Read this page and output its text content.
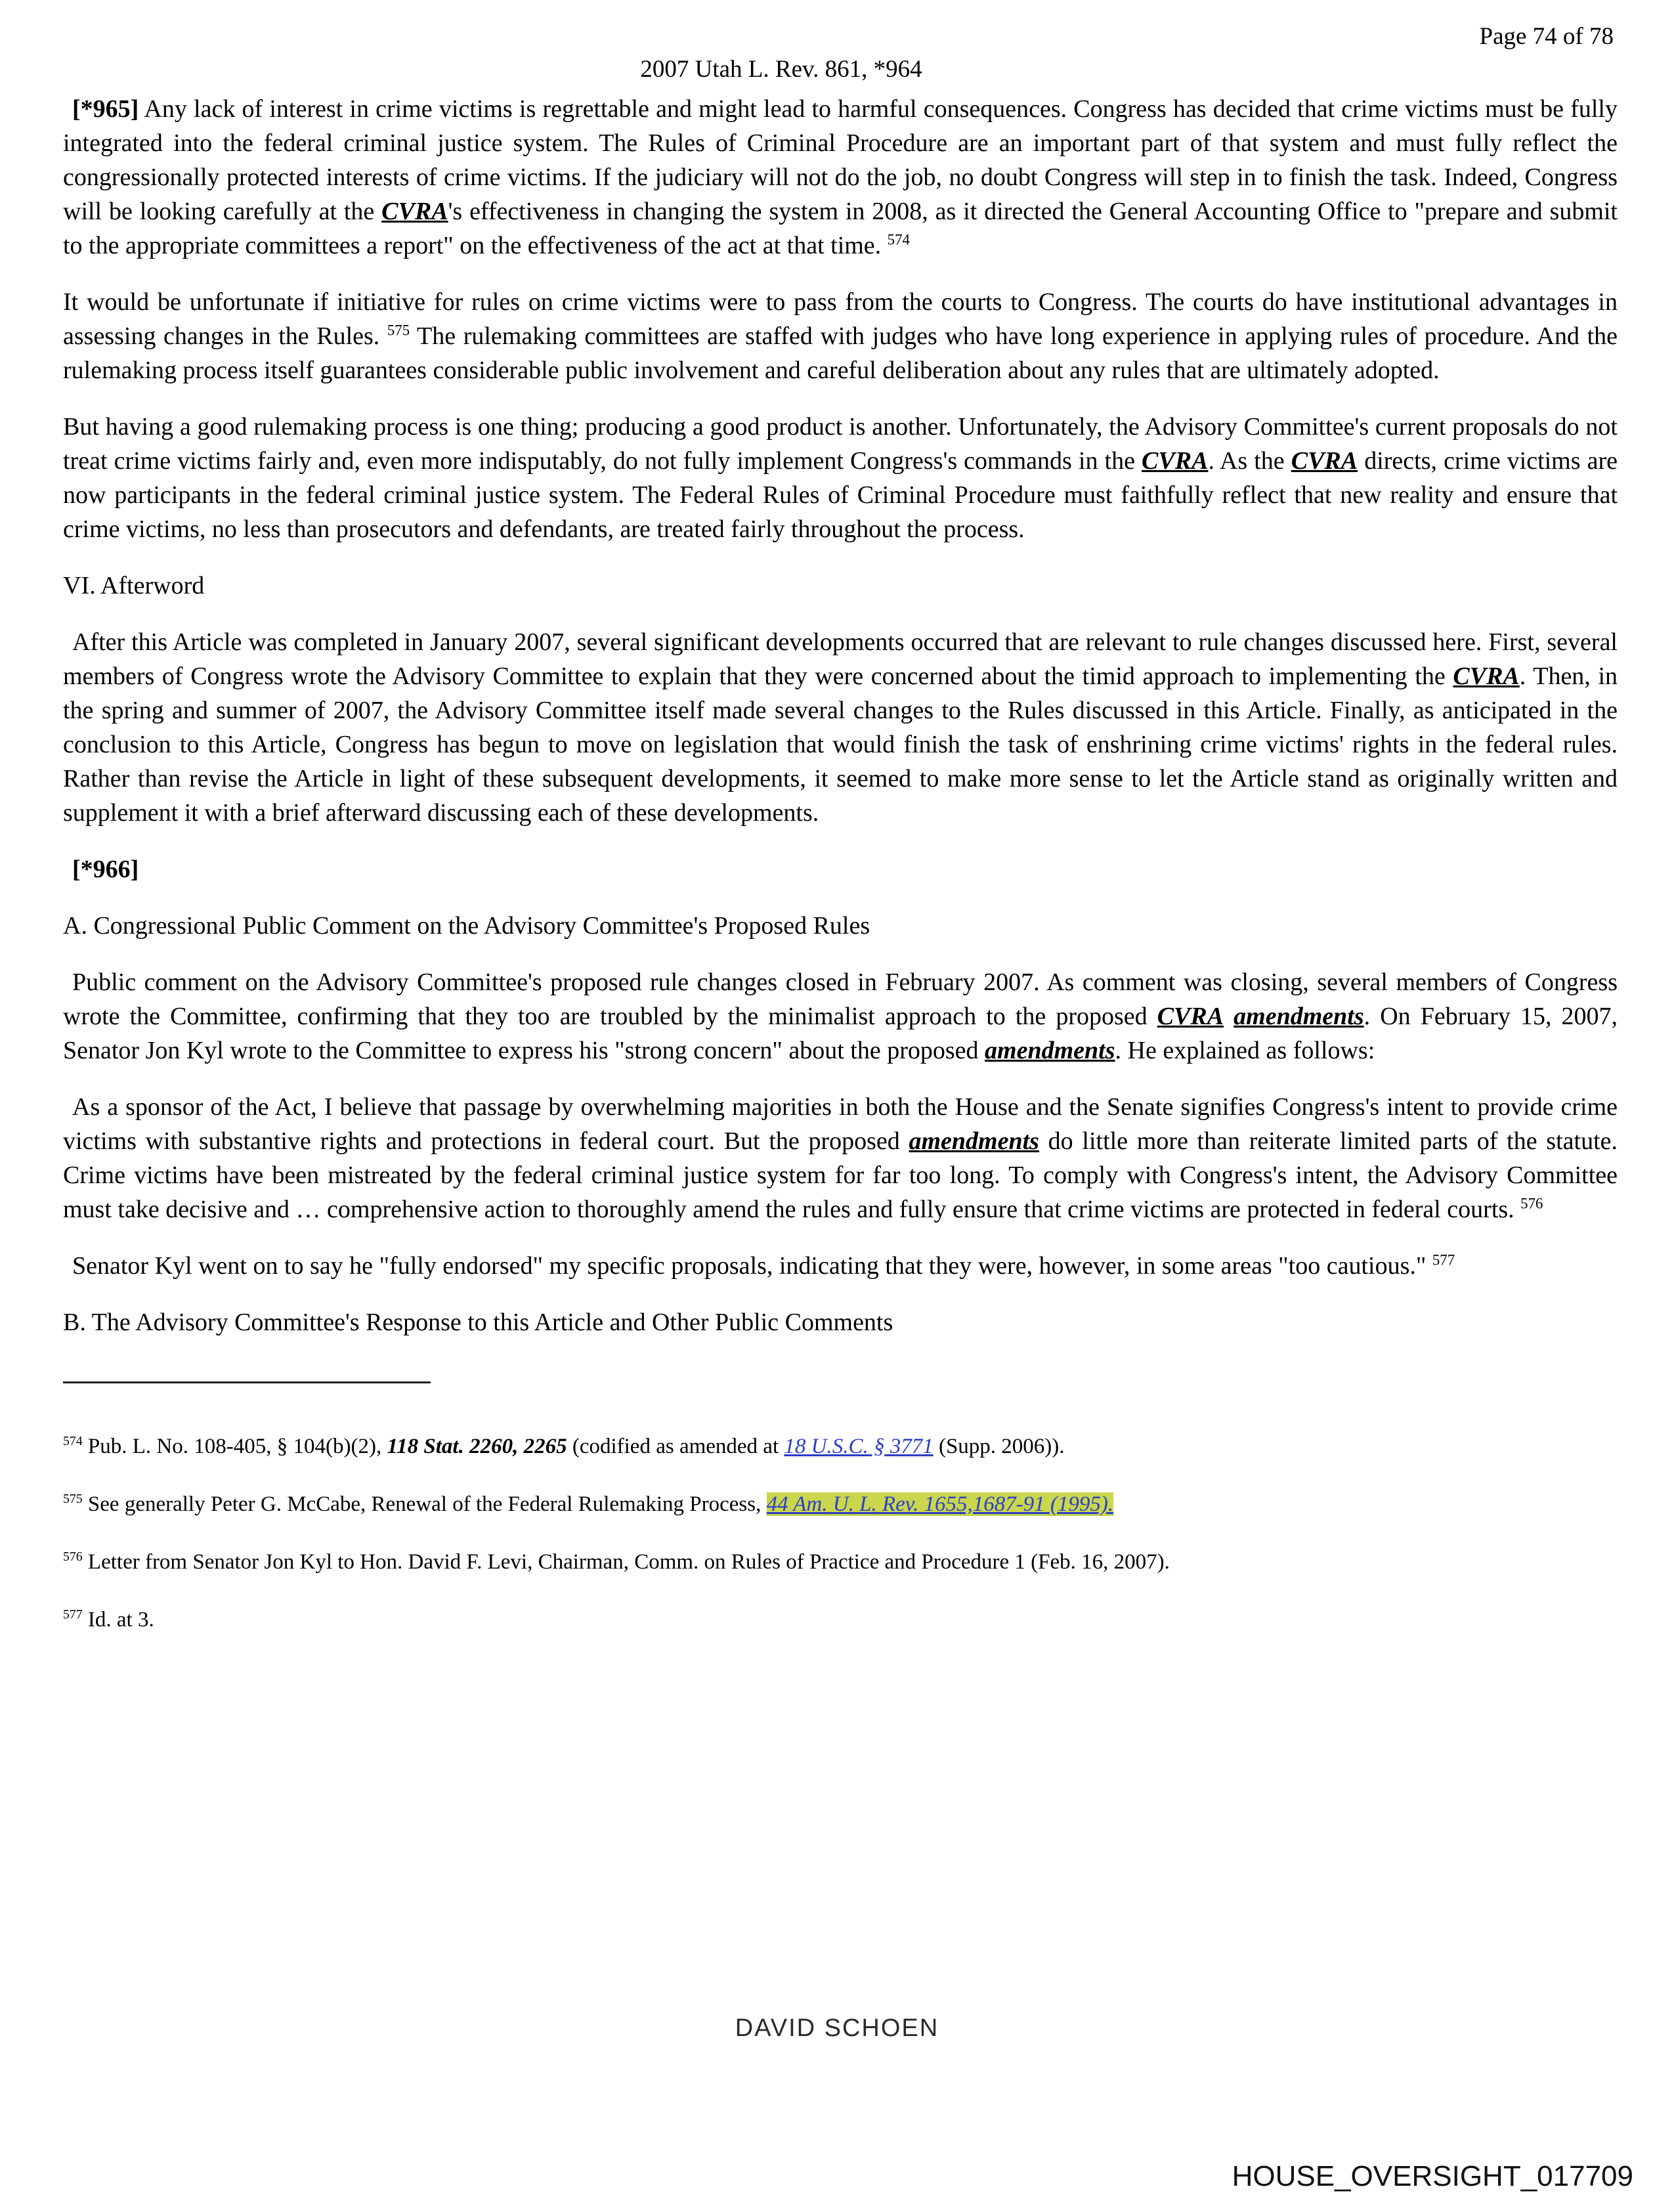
Page 74 of 78
2007 Utah L. Rev. 861, *964

[*965] Any lack of interest in crime victims is regrettable and might lead to harmful consequences. Congress has decided that crime victims must be fully integrated into the federal criminal justice system. The Rules of Criminal Procedure are an important part of that system and must fully reflect the congressionally protected interests of crime victims. If the judiciary will not do the job, no doubt Congress will step in to finish the task. Indeed, Congress will be looking carefully at the CVRA's effectiveness in changing the system in 2008, as it directed the General Accounting Office to "prepare and submit to the appropriate committees a report" on the effectiveness of the act at that time. $^{574}$

It would be unfortunate if initiative for rules on crime victims were to pass from the courts to Congress. The courts do have institutional advantages in assessing changes in the Rules. $^{575}$ The rulemaking committees are staffed with judges who have long experience in applying rules of procedure. And the rulemaking process itself guarantees considerable public involvement and careful deliberation about any rules that are ultimately adopted.

But having a good rulemaking process is one thing; producing a good product is another. Unfortunately, the Advisory Committee's current proposals do not treat crime victims fairly and, even more indisputably, do not fully implement Congress's commands in the CVRA. As the CVRA directs, crime victims are now participants in the federal criminal justice system. The Federal Rules of Criminal Procedure must faithfully reflect that new reality and ensure that crime victims, no less than prosecutors and defendants, are treated fairly throughout the process.

VI. Afterword

After this Article was completed in January 2007, several significant developments occurred that are relevant to rule changes discussed here. First, several members of Congress wrote the Advisory Committee to explain that they were concerned about the timid approach to implementing the CVRA. Then, in the spring and summer of 2007, the Advisory Committee itself made several changes to the Rules discussed in this Article. Finally, as anticipated in the conclusion to this Article, Congress has begun to move on legislation that would finish the task of enshrining crime victims' rights in the federal rules. Rather than revise the Article in light of these subsequent developments, it seemed to make more sense to let the Article stand as originally written and supplement it with a brief afterward discussing each of these developments.

[*966]

A. Congressional Public Comment on the Advisory Committee's Proposed Rules

Public comment on the Advisory Committee's proposed rule changes closed in February 2007. As comment was closing, several members of Congress wrote the Committee, confirming that they too are troubled by the minimalist approach to the proposed CVRA amendments. On February 15, 2007, Senator Jon Kyl wrote to the Committee to express his "strong concern" about the proposed amendments. He explained as follows:

As a sponsor of the Act, I believe that passage by overwhelming majorities in both the House and the Senate signifies Congress's intent to provide crime victims with substantive rights and protections in federal court. But the proposed amendments do little more than reiterate limited parts of the statute. Crime victims have been mistreated by the federal criminal justice system for far too long. To comply with Congress's intent, the Advisory Committee must take decisive and … comprehensive action to thoroughly amend the rules and fully ensure that crime victims are protected in federal courts. $^{576}$

Senator Kyl went on to say he "fully endorsed" my specific proposals, indicating that they were, however, in some areas "too cautious." $^{577}$

B. The Advisory Committee's Response to this Article and Other Public Comments

$^{574}$ Pub. L. No. 108-405, § 104(b)(2), 118 Stat. 2260, 2265 (codified as amended at 18 U.S.C. § 3771 (Supp. 2006)).

$^{575}$ See generally Peter G. McCabe, Renewal of the Federal Rulemaking Process, 44 Am. U. L. Rev. 1655,1687-91 (1995).

$^{576}$ Letter from Senator Jon Kyl to Hon. David F. Levi, Chairman, Comm. on Rules of Practice and Procedure 1 (Feb. 16, 2007).

$^{577}$ Id. at 3.

DAVID SCHOEN
HOUSE_OVERSIGHT_017709
